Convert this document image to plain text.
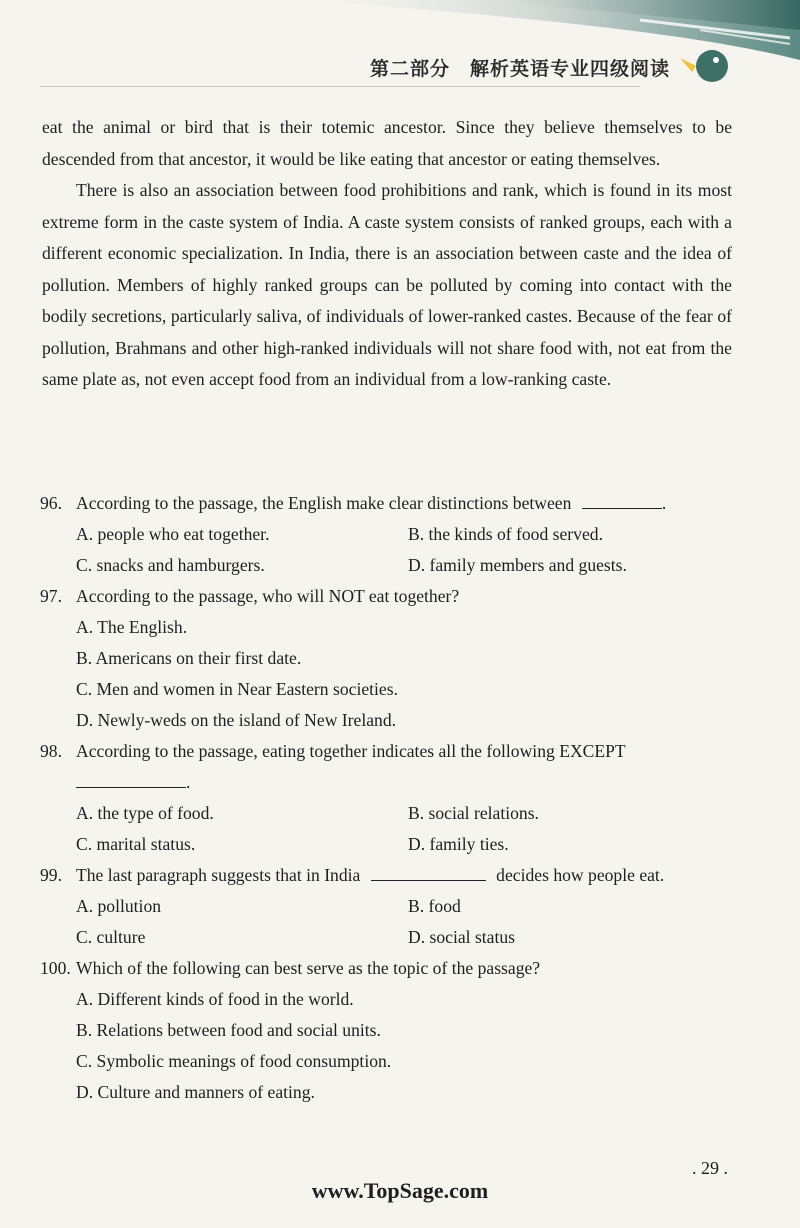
第二部分　解析英语专业四级阅读

eat the animal or bird that is their totemic ancestor. Since they believe themselves to be descended from that ancestor, it would be like eating that ancestor or eating themselves.

There is also an association between food prohibitions and rank, which is found in its most extreme form in the caste system of India. A caste system consists of ranked groups, each with a different economic specialization. In India, there is an association between caste and the idea of pollution. Members of highly ranked groups can be polluted by coming into contact with the bodily secretions, particularly saliva, of individuals of lower-ranked castes. Because of the fear of pollution, Brahmans and other high-ranked individuals will not share food with, not eat from the same plate as, not even accept food from an individual from a low-ranking caste.

96. According to the passage, the English make clear distinctions between	.
A. people who eat together.	B. the kinds of food served.
C. snacks and hamburgers.	D. family members and guests.
97. According to the passage, who will NOT eat together?
A. The English.
B. Americans on their first date.
C. Men and women in Near Eastern societies.
D. Newly-weds on the island of New Ireland.
98. According to the passage, eating together indicates all the following EXCEPT
.
A. the type of food.	B. social relations.
C. marital status.	D. family ties.
99. The last paragraph suggests that in India	decides how people eat.
A. pollution	B. food
C. culture	D. social status
100. Which of the following can best serve as the topic of the passage?
A. Different kinds of food in the world.
B. Relations between food and social units.
C. Symbolic meanings of food consumption.
D. Culture and manners of eating.
. 29 .
www.TopSage.com
